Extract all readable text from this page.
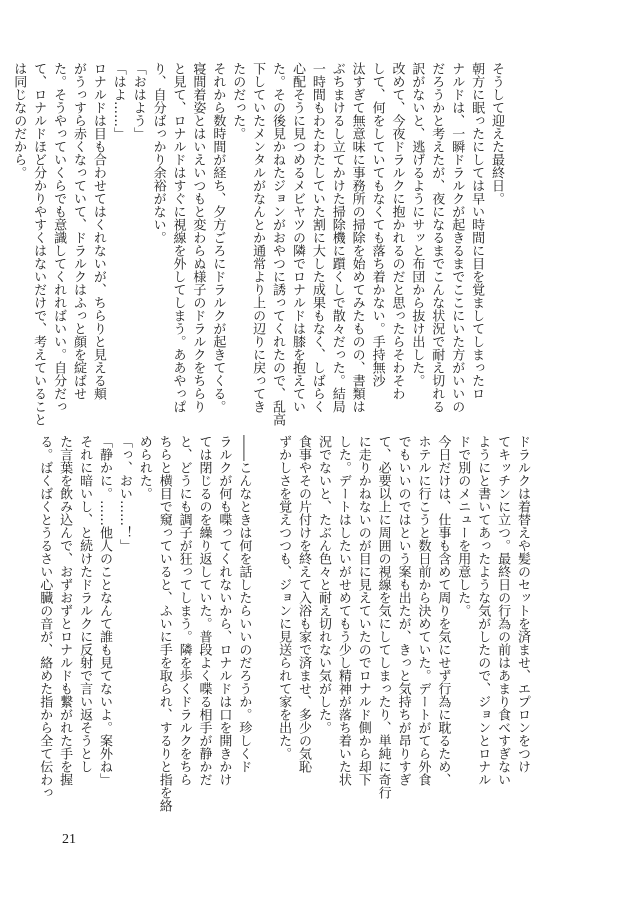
そうして迎えた最終日。
朝方に眠ったにしては早い時間に目を覚ましてしまったロ
ナルドは、一瞬ドラルクが起きるまでここにいた方がいいの
だろうかと考えたが、夜になるまでこんな状況で耐え切れる
訳がないと、逃げるようにサッと布団から抜け出した。
改めて、今夜ドラルクに抱かれるのだと思ったらそわそわ
して、何をしていてもなくても落ち着かない。手持無沙
汰すぎて無意味に事務所の掃除を始めてみたものの、書類は
ぶちまけるし立てかけた掃除機に躓くしで散々だった。結局
一時間もわたわたしていた割に大した成果もなく、しばらく
心配そうに見つめるメビヤツの隣でロナルドは膝を抱えてい
た。その後見かねたジョンがおやつに誘ってくれたので、乱高
下していたメンタルがなんとか通常より上の辺りに戻ってき
たのだった。
それから数時間が経ち、夕方ごろにドラルクが起きてくる。
寝間着姿とはいえいつもと変わらぬ様子のドラルクをちらり
と見て、ロナルドはすぐに視線を外してしまう。ああやっぱ
り、自分ばっかり余裕がない。
「おはよう」
「はよ……」
ロナルドは目も合わせてはくれないが、ちらりと見える頬
がうっすら赤くなっていて、ドラルクはふっと顔を綻ばせ
た。そうやっていくらでも意識してくれればいい。自分だっ
て、ロナルドほど分かりやすくはないだけで、考えていること
は同じなのだから。
ドラルクは着替えや髪のセットを済ませ、エプロンをつけ
てキッチンに立つ。最終日の行為の前はあまり食べすぎない
ようにと書いてあったような気がしたので、ジョンとロナル
ドで別のメニューを用意した。
今日だけは、仕事も含めて周りを気にせず行為に耽るため、
ホテルに行こうと数日前から決めていた。デートがてら外食
でもいいのではという案も出たが、きっと気持ちが昂りすぎ
て、必要以上に周囲の視線を気にしてしまったり、単純に奇行
に走りかねないのが目に見えていたのでロナルド側から却下
した。デートはしたいがせめてもう少し精神が落ち着いた状
況でないと、たぶん色々と耐え切れない気がした。
食事やその片付けを終えて入浴も家で済ませ、多少の気恥
ずかしさを覚えつつも、ジョンに見送られて家を出た。

――こんなときは何を話したらいいのだろうか。珍しくド
ラルクが何も喋ってくれないから、ロナルドは口を開きかけ
ては閉じるのを繰り返していた。普段よく喋る相手が静かだ
と、どうにも調子が狂ってしまう。隣を歩くドラルクをちら
ちらと横目で窺っていると、ふいに手を取られ、するりと指を絡
められた。
「っ、おい……！」
「静かに。……他人のことなんて誰も見てないよ。案外ね」
それに暗いし、と続けたドラルクに反射で言い返そうとし
た言葉を飲み込んで、おずおずとロナルドも繋がれた手を握
る。ばくばくとうるさい心臓の音が、絡めた指から全て伝わっ
21
